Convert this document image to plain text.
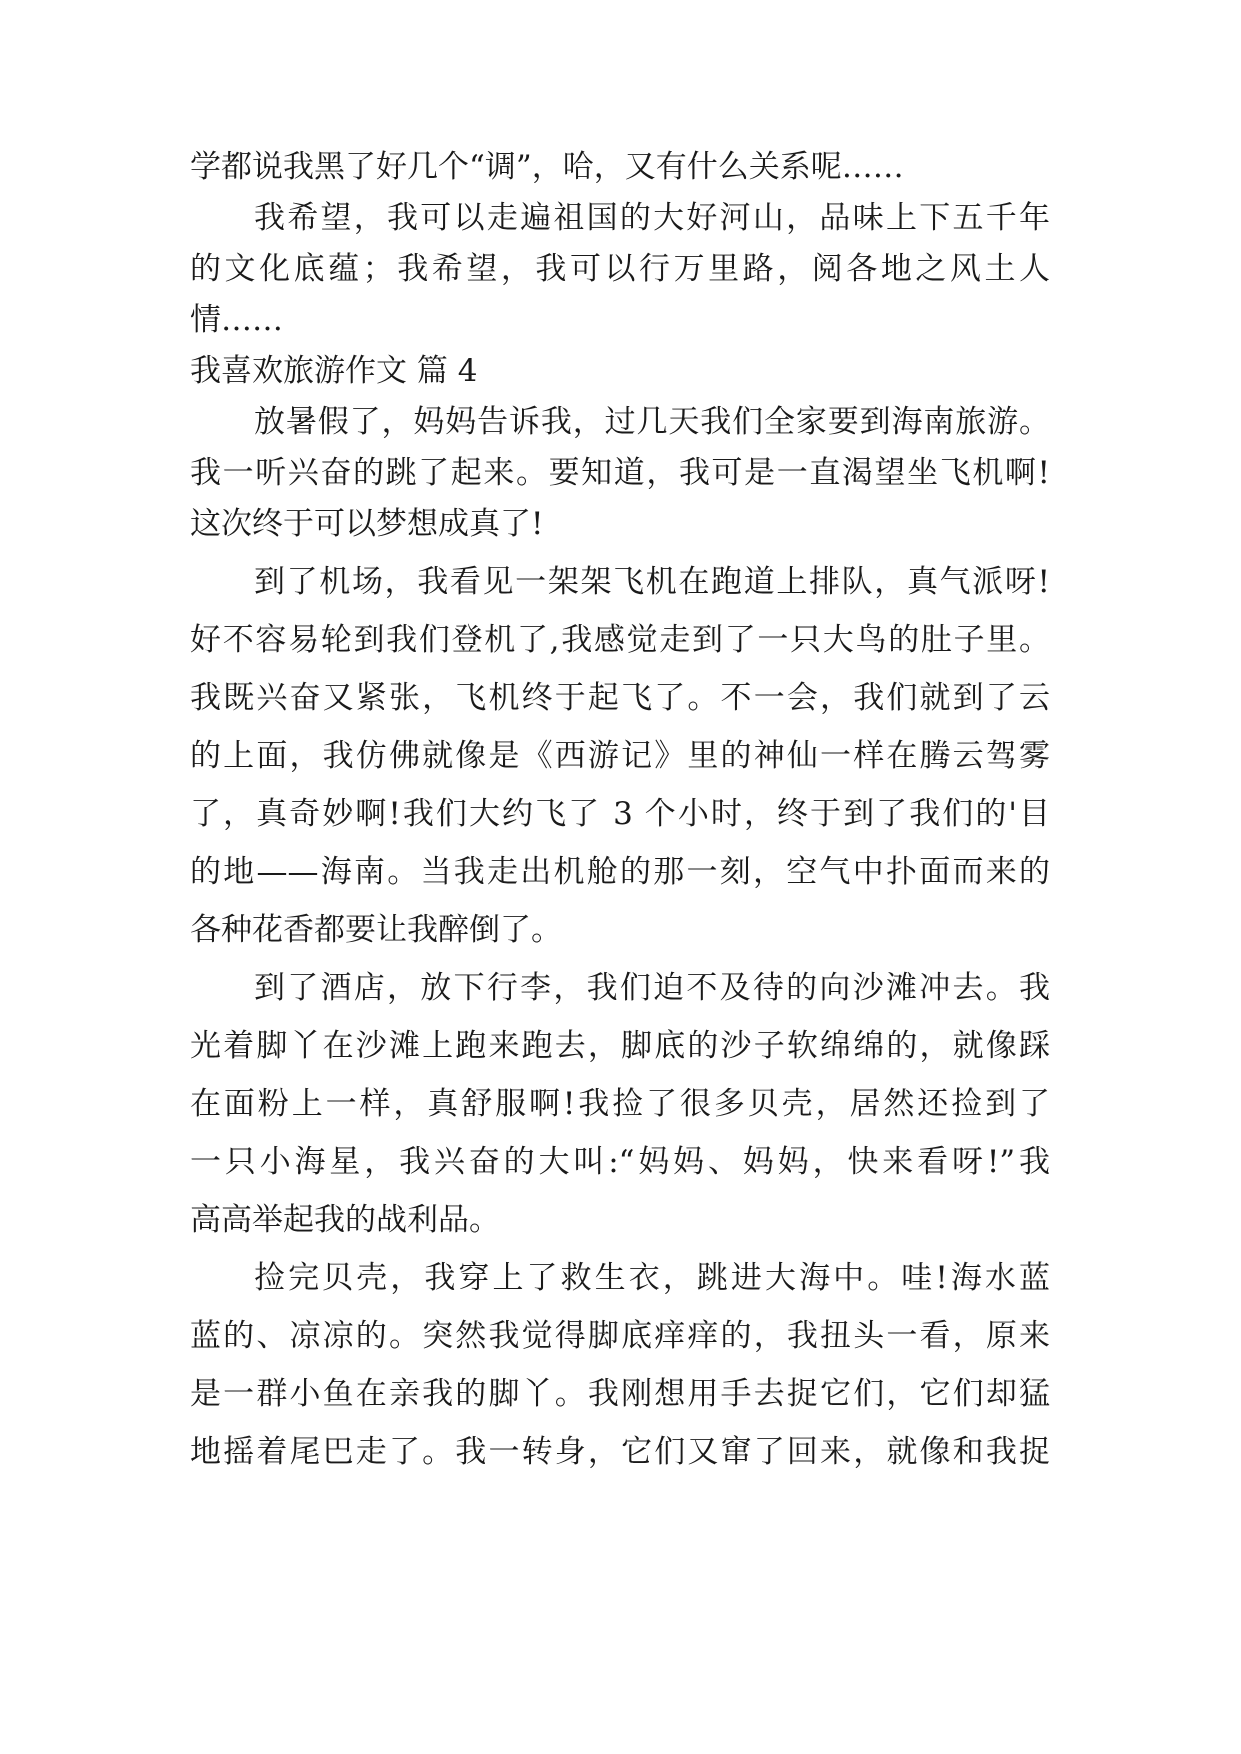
学都说我黑了好几个“调”，哈，又有什么关系呢……
我希望，我可以走遍祖国的大好河山，品味上下五千年
的文化底蕴；我希望，我可以行万里路，阅各地之风土人
情……
我喜欢旅游作文 篇 4
放暑假了，妈妈告诉我，过几天我们全家要到海南旅游。
我一听兴奋的跳了起来。要知道，我可是一直渴望坐飞机啊!
这次终于可以梦想成真了!
到了机场，我看见一架架飞机在跑道上排队，真气派呀!
好不容易轮到我们登机了,我感觉走到了一只大鸟的肚子里。
我既兴奋又紧张，飞机终于起飞了。不一会，我们就到了云
的上面，我仿佛就像是《西游记》里的神仙一样在腾云驾雾
了，真奇妙啊!我们大约飞了 3 个小时，终于到了我们的'目
的地——海南。当我走出机舱的那一刻，空气中扑面而来的
各种花香都要让我醉倒了。
到了酒店，放下行李，我们迫不及待的向沙滩冲去。我
光着脚丫在沙滩上跑来跑去，脚底的沙子软绵绵的，就像踩
在面粉上一样，真舒服啊!我捡了很多贝壳，居然还捡到了
一只小海星，我兴奋的大叫:“妈妈、妈妈，快来看呀!”我
高高举起我的战利品。
捡完贝壳，我穿上了救生衣，跳进大海中。哇!海水蓝
蓝的、凉凉的。突然我觉得脚底痒痒的，我扭头一看，原来
是一群小鱼在亲我的脚丫。我刚想用手去捉它们，它们却猛
地摇着尾巴走了。我一转身，它们又窜了回来，就像和我捉
